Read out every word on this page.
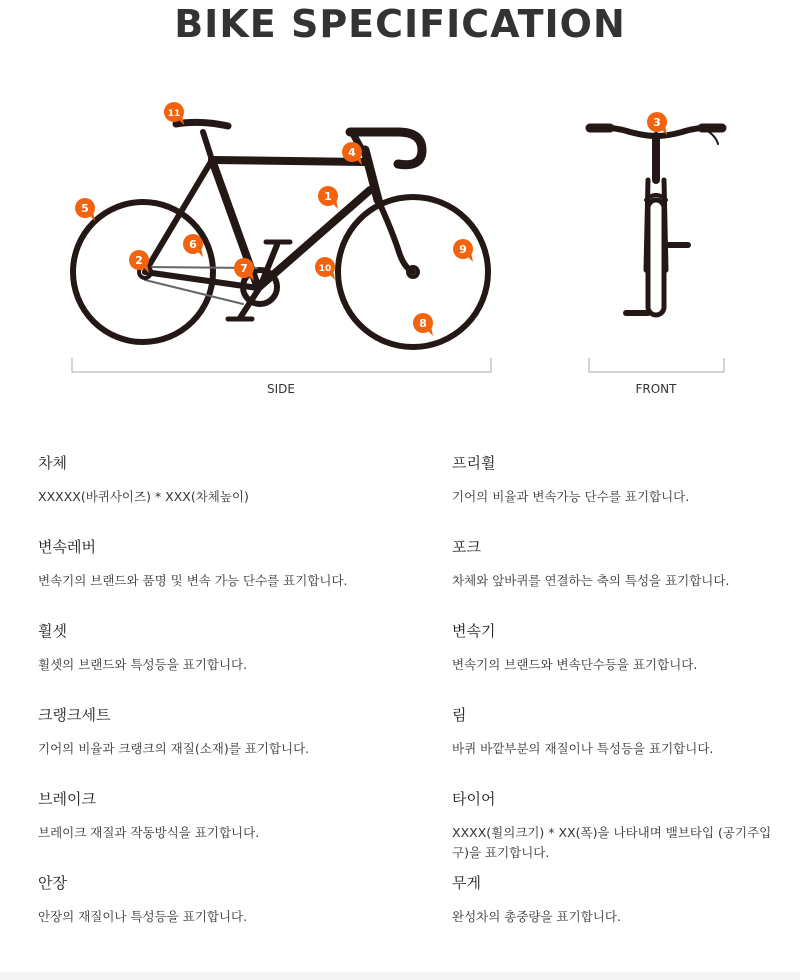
BIKE SPECIFICATION
SIDE	FRONT
1
2
3
4
5
6
7
8
9
10
11
차체
XXXXX(바퀴사이즈) * XXX(차체높이)
프리휠
기어의 비율과 변속가능 단수를 표기합니다.
변속레버
변속기의 브랜드와 품명 및 변속 가능 단수를 표기합니다.
포크
차체와 앞바퀴를 연결하는 축의 특성을 표기합니다.
휠셋
휠셋의 브랜드와 특성등을 표기합니다.
변속기
변속기의 브랜드와 변속단수등을 표기합니다.
크랭크세트
기어의 비율과 크랭크의 재질(소재)를 표기합니다.
림
바퀴 바깥부분의 재질이나 특성등을 표기합니다.
브레이크
브레이크 재질과 작동방식을 표기합니다.
타이어
XXXX(휠의크기) * XX(폭)을 나타내며 밸브타입 (공기주입구)을 표기합니다.
안장
안장의 재질이나 특성등을 표기합니다.
무게
완성차의 총중량을 표기합니다.
